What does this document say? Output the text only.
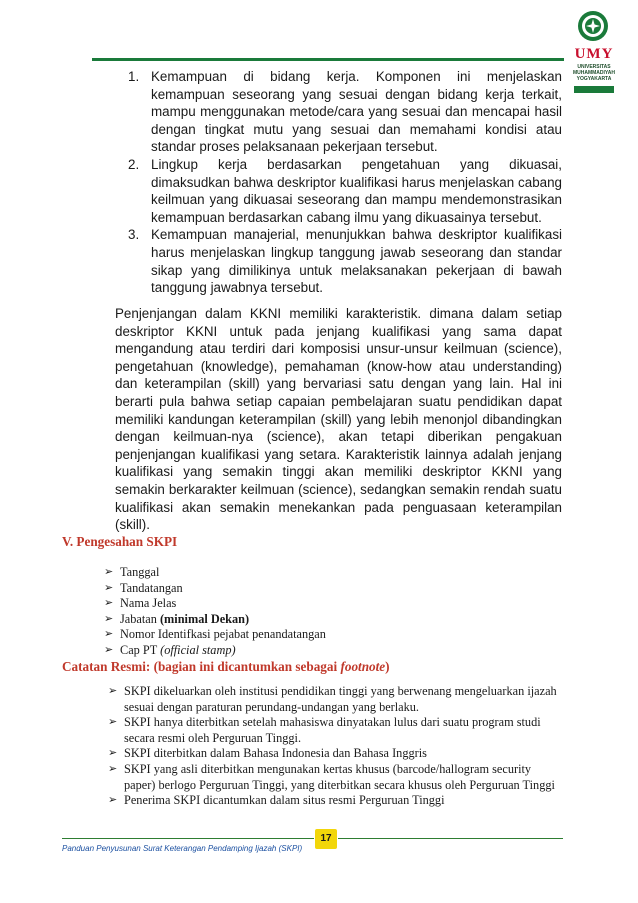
UMY
UNIVERSITAS
MUHAMMADIYAH
YOGYAKARTA
1. Kemampuan di bidang kerja. Komponen ini menjelaskan kemampuan seseorang yang sesuai dengan bidang kerja terkait, mampu menggunakan metode/cara yang sesuai dan mencapai hasil dengan tingkat mutu yang sesuai dan memahami kondisi atau standar proses pelaksanaan pekerjaan tersebut.
2. Lingkup kerja berdasarkan pengetahuan yang dikuasai, dimaksudkan bahwa deskriptor kualifikasi harus menjelaskan cabang keilmuan yang dikuasai seseorang dan mampu mendemonstrasikan kemampuan berdasarkan cabang ilmu yang dikuasainya tersebut.
3. Kemampuan manajerial, menunjukkan bahwa deskriptor kualifikasi harus menjelaskan lingkup tanggung jawab seseorang dan standar sikap yang dimilikinya untuk melaksanakan pekerjaan di bawah tanggung jawabnya tersebut.

Penjenjangan dalam KKNI memiliki karakteristik. dimana dalam setiap deskriptor KKNI untuk pada jenjang kualifikasi yang sama dapat mengandung atau terdiri dari komposisi unsur-unsur keilmuan (science), pengetahuan (knowledge), pemahaman (know-how atau understanding) dan keterampilan (skill) yang bervariasi satu dengan yang lain. Hal ini berarti pula bahwa setiap capaian pembelajaran suatu pendidikan dapat memiliki kandungan keterampilan (skill) yang lebih menonjol dibandingkan dengan keilmuan-nya (science), akan tetapi diberikan pengakuan penjenjangan kualifikasi yang setara. Karakteristik lainnya adalah jenjang kualifikasi yang semakin tinggi akan memiliki deskriptor KKNI yang semakin berkarakter keilmuan (science), sedangkan semakin rendah suatu kualifikasi akan semakin menekankan pada penguasaan keterampilan (skill).

V. Pengesahan SKPI
➢ Tanggal
➢ Tandatangan
➢ Nama Jelas
➢ Jabatan (minimal Dekan)
➢ Nomor Identifkasi pejabat penandatangan
➢ Cap PT (official stamp)
Catatan Resmi: (bagian ini dicantumkan sebagai footnote)
➢ SKPI dikeluarkan oleh institusi pendidikan tinggi yang berwenang mengeluarkan ijazah sesuai dengan paraturan perundang-undangan yang berlaku.
➢ SKPI hanya diterbitkan setelah mahasiswa dinyatakan lulus dari suatu program studi secara resmi oleh Perguruan Tinggi.
➢ SKPI diterbitkan dalam Bahasa Indonesia dan Bahasa Inggris
➢ SKPI yang asli diterbitkan mengunakan kertas khusus (barcode/hallogram security paper) berlogo Perguruan Tinggi, yang diterbitkan secara khusus oleh Perguruan Tinggi
➢ Penerima SKPI dicantumkan dalam situs resmi Perguruan Tinggi
17
Panduan Penyusunan Surat Keterangan Pendamping Ijazah (SKPI)
